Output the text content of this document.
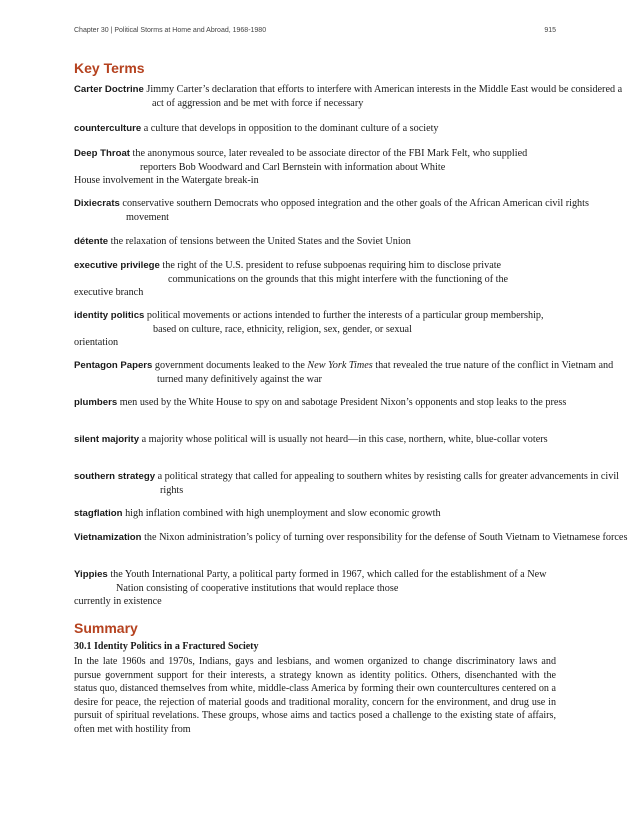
Chapter 30 | Political Storms at Home and Abroad, 1968-1980	915
Key Terms

Carter Doctrine Jimmy Carter’s declaration that efforts to interfere with American interests in the Middle East would be considered a act of aggression and be met with force if necessary

counterculture a culture that develops in opposition to the dominant culture of a society

Deep Throat the anonymous source, later revealed to be associate director of the FBI Mark Felt, who supplied reporters Bob Woodward and Carl Bernstein with information about White
House involvement in the Watergate break-in

Dixiecrats conservative southern Democrats who opposed integration and the other goals of the African American civil rights movement

détente the relaxation of tensions between the United States and the Soviet Union

executive privilege the right of the U.S. president to refuse subpoenas requiring him to disclose private communications on the grounds that this might interfere with the functioning of the
executive branch

identity politics political movements or actions intended to further the interests of a particular group membership, based on culture, race, ethnicity, religion, sex, gender, or sexual
orientation

Pentagon Papers government documents leaked to the New York Times that revealed the true nature of the conflict in Vietnam and turned many definitively against the war

plumbers men used by the White House to spy on and sabotage President Nixon’s opponents and stop leaks to the press

silent majority a majority whose political will is usually not heard—in this case, northern, white, blue-collar voters

southern strategy a political strategy that called for appealing to southern whites by resisting calls for greater advancements in civil rights

stagflation high inflation combined with high unemployment and slow economic growth

Vietnamization the Nixon administration’s policy of turning over responsibility for the defense of South Vietnam to Vietnamese forces

Yippies the Youth International Party, a political party formed in 1967, which called for the establishment of a New Nation consisting of cooperative institutions that would replace those
currently in existence

Summary

30.1 Identity Politics in a Fractured Society

In the late 1960s and 1970s, Indians, gays and lesbians, and women organized to change discriminatory laws and pursue government support for their interests, a strategy known as identity politics. Others, disenchanted with the status quo, distanced themselves from white, middle-class America by forming their own countercultures centered on a desire for peace, the rejection of material goods and traditional morality, concern for the environment, and drug use in pursuit of spiritual revelations. These groups, whose aims and tactics posed a challenge to the existing state of affairs, often met with hostility from
